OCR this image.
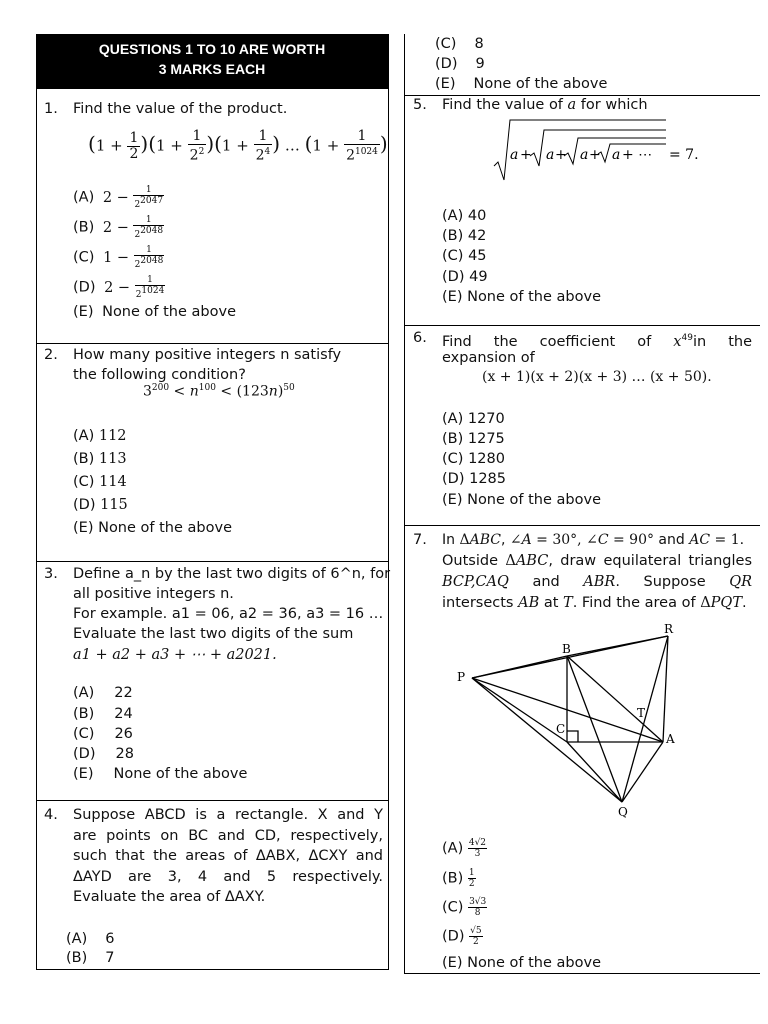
QUESTIONS 1 TO 10 ARE WORTH
3 MARKS EACH
1. Find the value of the product.
$(1 + \frac{1}{2} )(1 + \frac{1}{2^2} )(1 + \frac{1}{2^4}$ ) … ($1 + \frac{1}{2^{1024}}$ )
(A) $2 - \frac{1}{2^{2047}}$
(B) $2 - \frac{1}{2^{2048}}$
(C) $1 - \frac{1}{2^{2048}}$
(D) $2 - \frac{1}{2^{1024}}$
(E) None of the above
2. How many positive integers n satisfy
the following condition?
$3^{200} < n^{100} < (123n)^{50}$
(A) 112
(B) 113
(C) 114
(D) 115
(E) None of the above
3. Define a_n by the last two digits of 6^n, for
all positive integers n.
For example. a1 = 06, a2 = 36, a3 = 16 …
Evaluate the last two digits of the sum
a1 + a2 + a3 + ⋯ + a2021.
(A) 22
(B) 24
(C) 26
(D) 28
(E) None of the above
4. Suppose ABCD is a rectangle. X and Y
are points on BC and CD, respectively,
such that the areas of ΔABX, ΔCXY and
ΔAYD are 3, 4 and 5 respectively.
Evaluate the area of ΔAXY.
(A) 6
(B) 7
(C) 8
(D) 9
(E) None of the above
5. Find the value of a for which
a + a + a + a + ⋯ = 7.
(A) 40
(B) 42
(C) 45
(D) 49
(E) None of the above
6. Find the coefficient of $x^{49}in$ the
expansion of
(x + 1)(x + 2)(x + 3) … (x + 50).
(A) 1270
(B) 1275
(C) 1280
(D) 1285
(E) None of the above
7. In ΔABC, ∠A = 30°, ∠C = 90° and AC = 1.
Outside ΔABC, draw equilateral triangles
BCP,CAQ and ABR. Suppose QR
intersects AB at T. Find the area of ΔPQT.
P
B
R
C
T
A
Q
$(A) \frac{4√2}{3}$
$(B) \frac{1}{2}$
$(C) \frac{3√3}{8}$
$(D) \frac{√5}{2}$
(E) None of the above
